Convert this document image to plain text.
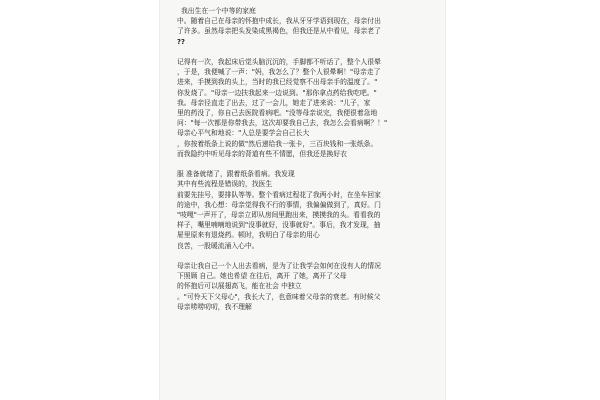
我出生在一个中等的家庭
中。随着自己在母亲的怀抱中成长，我从牙牙学语到现在，母亲付出
了许多。虽然母亲把头发染成黑褐色，但我还是从中看见，母亲老了
??
记得有一次，我起床后觉头脑沉沉的，手脚都不听话了，整个人很晕
，于是，我便喊了一声："妈，我怎么了？整个人很晕啊！"母亲走了
进来，手摸到我的头上，当时的我已经觉察不出母亲手的温度了。"
你发烧了。"母亲一边扶我起来一边说到。"那你拿点药给我吃吧。"
我。母亲径直走了出去，过了一会儿，她走了进来说："儿子，家
里的药没了，你自己去医院看病吧。"没等母亲说完，我便很着急地
问："每一次都是你带我去，这次却要我自己去，我怎么会看病啊？！"
母亲心平气和地说："人总是要学会自己长大
，你按着纸条上说的做"然后递给我一张卡，三百块钱和一张纸条。
而我隐约中听见母亲的背道有些不情愿，但我还是换好衣
服 准备就绪了，跟着纸条看病。我发现
其中有些流程是错误的，找医生
前要先挂号，要排队等等。整个看病过程花了我两小时，在坐车回家
的途中，我心想：母亲觉得我不行的事情，我偏偏做到了，真好。门
"吱嘎"一声开了，母亲立即从房间里跑出来，摸摸我的头。看看我的
样子，嘴里喃喃地说到"没事就好，没事就好"。事后，我才发现，抽
屉里原来有退烧药。顿时，我明白了母亲的用心
良苦，一股暖流涌入心中。
母亲让我自己一个人出去看病，是为了让我学会如何在没有人的情况
下照顾 自己。她也希望 在往后，离开 了她，离开了父母
的怀抱后可以展翅高飞，能在社会 中独立
。"可怜天下父母心"，我长大了，也意味着父母亲的衰老。有时候父
母亲唠唠叨叨，我不理解
